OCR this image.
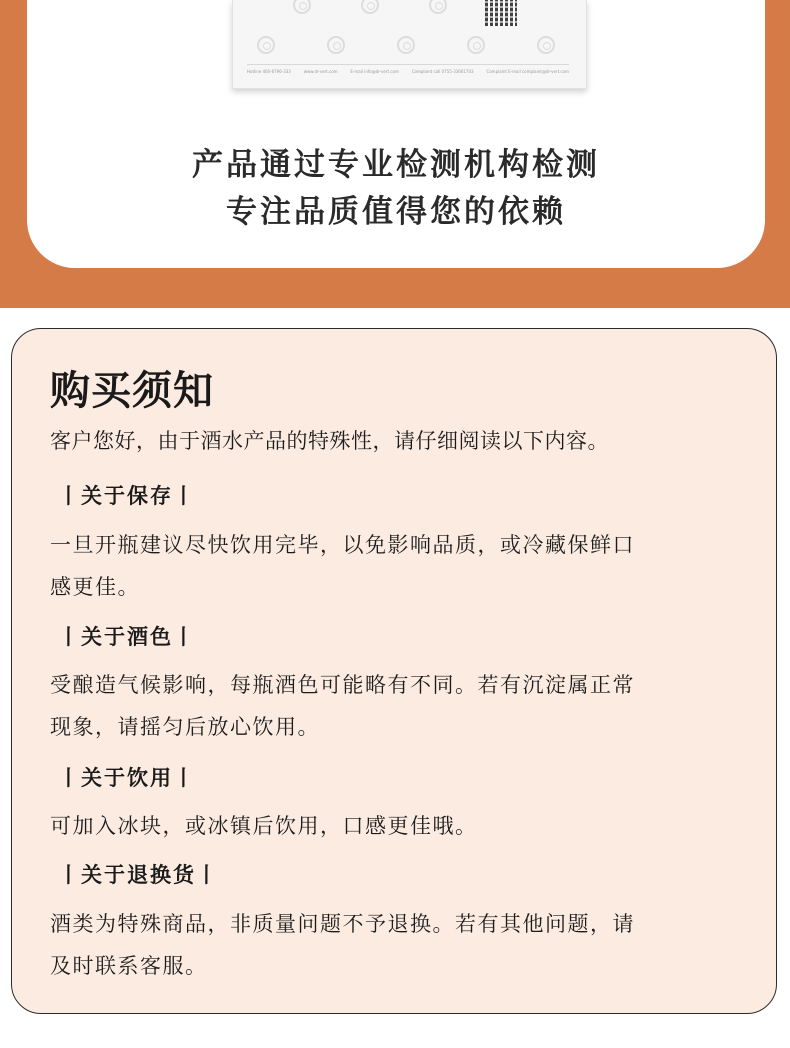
Hotline 400-6796-333	www.dr-vert.com	E-mail info@dr-vert.com	Complaint call 0755-33661703	Complaint E-mail complaint@dr-vert.com
产品通过专业检测机构检测
专注品质值得您的依赖
购买须知
客户您好，由于酒水产品的特殊性，请仔细阅读以下内容。
丨关于保存丨
一旦开瓶建议尽快饮用完毕，以免影响品质，或冷藏保鲜口
感更佳。
丨关于酒色丨
受酿造气候影响，每瓶酒色可能略有不同。若有沉淀属正常
现象，请摇匀后放心饮用。
丨关于饮用丨
可加入冰块，或冰镇后饮用，口感更佳哦。
丨关于退换货丨
酒类为特殊商品，非质量问题不予退换。若有其他问题，请
及时联系客服。
